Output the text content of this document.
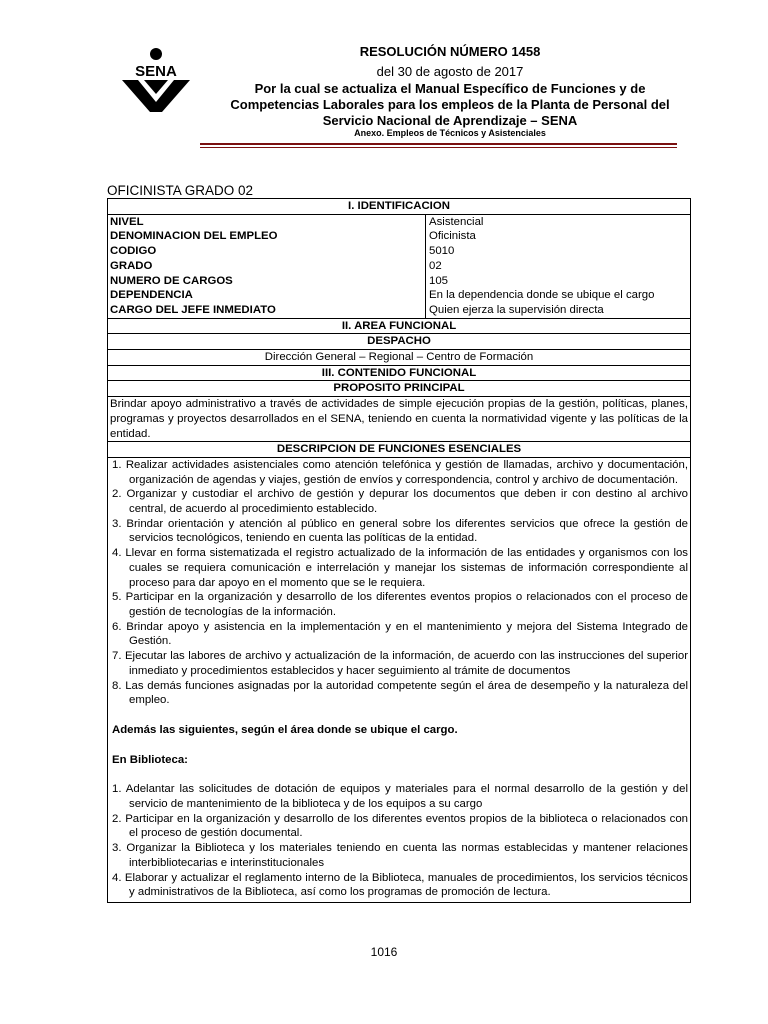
SENA
RESOLUCIÓN NÚMERO 1458
del 30 de agosto de 2017
Por la cual se actualiza el Manual Específico de Funciones y de
Competencias Laborales para los empleos de la Planta de Personal del
Servicio Nacional de Aprendizaje – SENA
Anexo. Empleos de Técnicos y Asistenciales
OFICINISTA GRADO 02
I. IDENTIFICACION
NIVEL	Asistencial
DENOMINACION DEL EMPLEO	Oficinista
CODIGO	5010
GRADO	02
NUMERO DE CARGOS	105
DEPENDENCIA	En la dependencia donde se ubique el cargo
CARGO DEL JEFE INMEDIATO	Quien ejerza la supervisión directa
II. AREA FUNCIONAL
DESPACHO
Dirección General – Regional – Centro de Formación
III. CONTENIDO FUNCIONAL
PROPOSITO PRINCIPAL
Brindar apoyo administrativo a través de actividades de simple ejecución propias de la gestión, políticas, planes, programas y proyectos desarrollados en el SENA, teniendo en cuenta la normatividad vigente y las políticas de la entidad.
DESCRIPCION DE FUNCIONES ESENCIALES
1. Realizar actividades asistenciales como atención telefónica y gestión de llamadas, archivo y documentación, organización de agendas y viajes, gestión de envíos y correspondencia, control y archivo de documentación.
2. Organizar y custodiar el archivo de gestión y depurar los documentos que deben ir con destino al archivo central, de acuerdo al procedimiento establecido.
3. Brindar orientación y atención al público en general sobre los diferentes servicios que ofrece la gestión de servicios tecnológicos, teniendo en cuenta las políticas de la entidad.
4. Llevar en forma sistematizada el registro actualizado de la información de las entidades y organismos con los cuales se requiera comunicación e interrelación y manejar los sistemas de información correspondiente al proceso para dar apoyo en el momento que se le requiera.
5. Participar en la organización y desarrollo de los diferentes eventos propios o relacionados con el proceso de gestión de tecnologías de la información.
6. Brindar apoyo y asistencia en la implementación y en el mantenimiento y mejora del Sistema Integrado de Gestión.
7. Ejecutar las labores de archivo y actualización de la información, de acuerdo con las instrucciones del superior inmediato y procedimientos establecidos y hacer seguimiento al trámite de documentos
8. Las demás funciones asignadas por la autoridad competente según el área de desempeño y la naturaleza del empleo.
Además las siguientes, según el área donde se ubique el cargo.
En Biblioteca:
1. Adelantar las solicitudes de dotación de equipos y materiales para el normal desarrollo de la gestión y del servicio de mantenimiento de la biblioteca y de los equipos a su cargo
2. Participar en la organización y desarrollo de los diferentes eventos propios de la biblioteca o relacionados con el proceso de gestión documental.
3. Organizar la Biblioteca y los materiales teniendo en cuenta las normas establecidas y mantener relaciones interbibliotecarias e interinstitucionales
4. Elaborar y actualizar el reglamento interno de la Biblioteca, manuales de procedimientos, los servicios técnicos y administrativos de la Biblioteca, así como los programas de promoción de lectura.
1016
